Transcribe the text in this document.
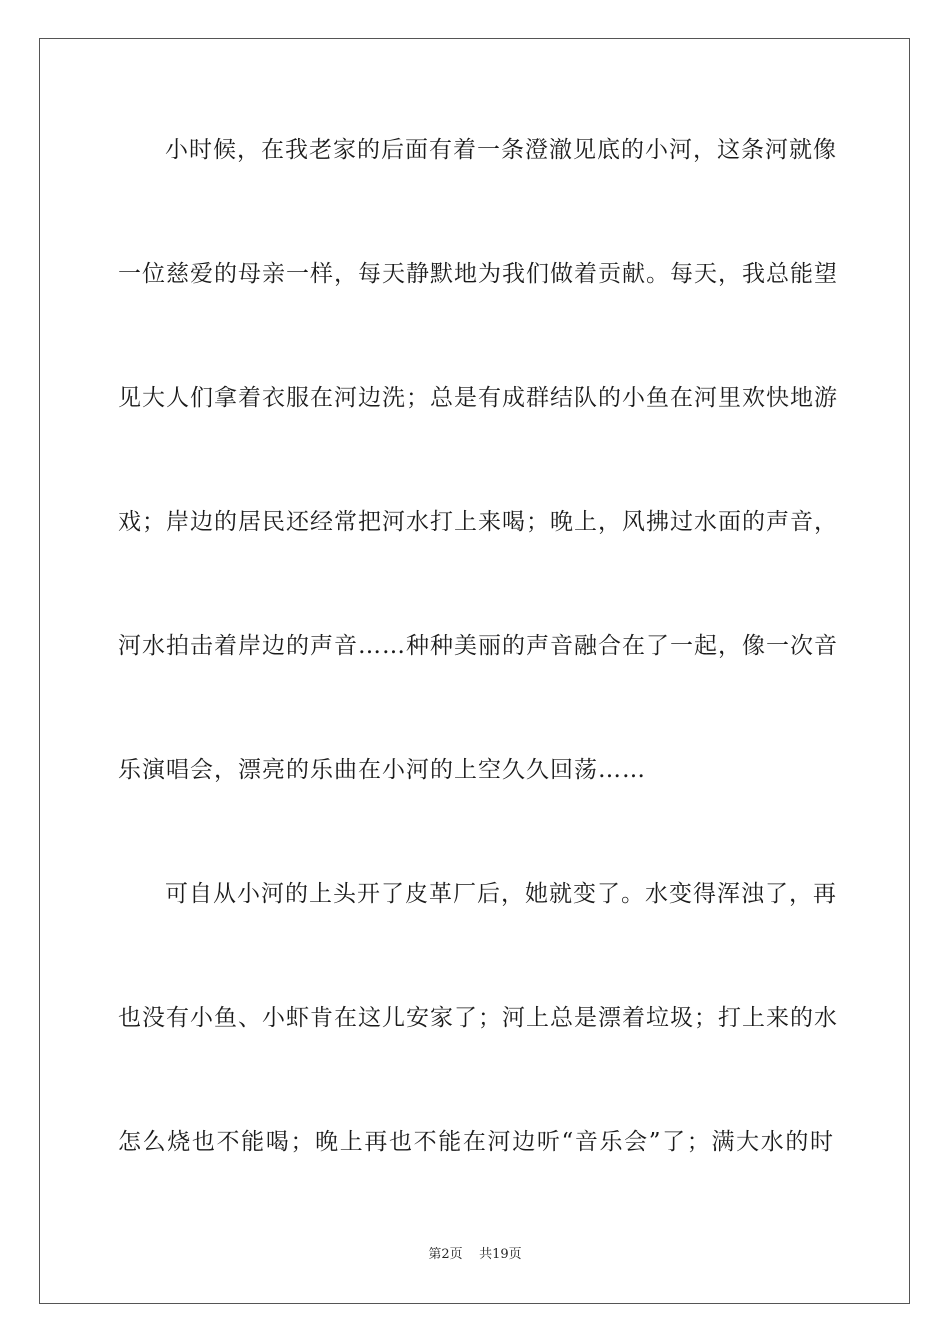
小时候，在我老家的后面有着一条澄澈见底的小河，这条河就像
一位慈爱的母亲一样，每天静默地为我们做着贡献。每天，我总能望
见大人们拿着衣服在河边洗；总是有成群结队的小鱼在河里欢快地游
戏；岸边的居民还经常把河水打上来喝；晚上，风拂过水面的声音，
河水拍击着岸边的声音……种种美丽的声音融合在了一起，像一次音
乐演唱会，漂亮的乐曲在小河的上空久久回荡……
可自从小河的上头开了皮革厂后，她就变了。水变得浑浊了，再
也没有小鱼、小虾肯在这儿安家了；河上总是漂着垃圾；打上来的水
怎么烧也不能喝；晚上再也不能在河边听“音乐会”了；满大水的时
第2页 共19页
